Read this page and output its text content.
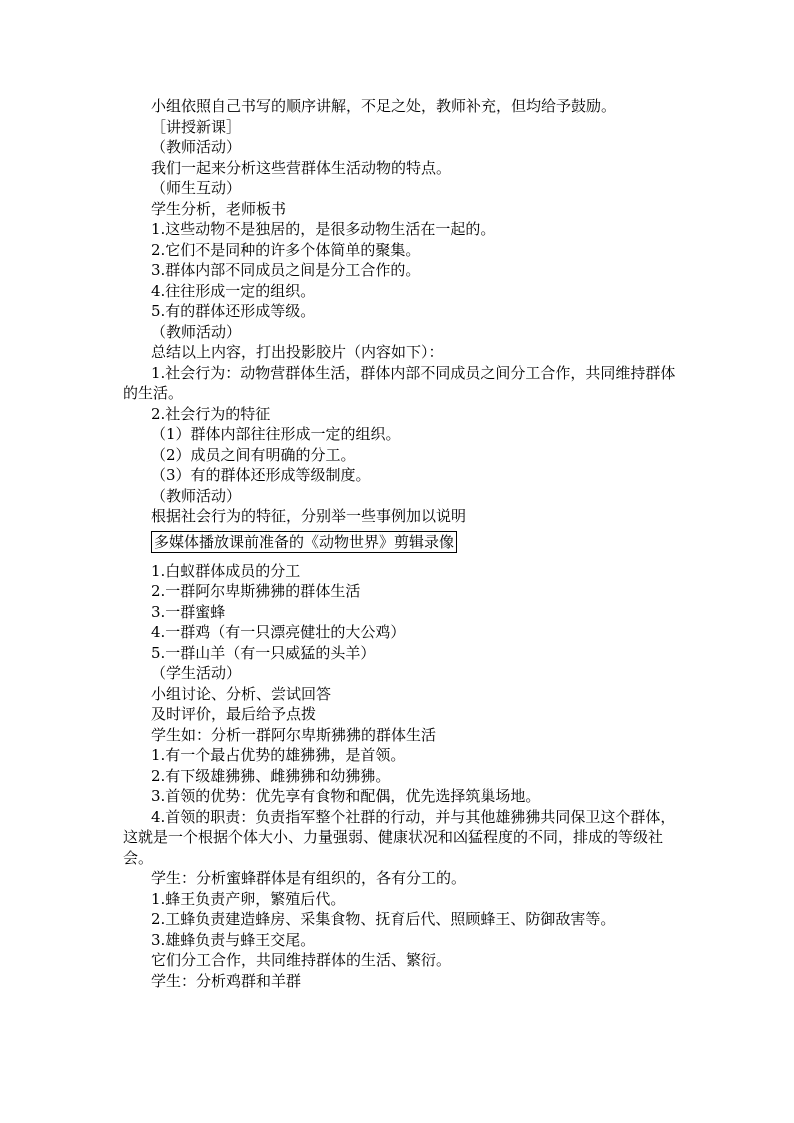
小组依照自己书写的顺序讲解，不足之处，教师补充，但均给予鼓励。
［讲授新课］
（教师活动）
我们一起来分析这些营群体生活动物的特点。
（师生互动）
学生分析，老师板书
1.这些动物不是独居的，是很多动物生活在一起的。
2.它们不是同种的许多个体简单的聚集。
3.群体内部不同成员之间是分工合作的。
4.往往形成一定的组织。
5.有的群体还形成等级。
（教师活动）
总结以上内容，打出投影胶片（内容如下）：
1.社会行为：动物营群体生活，群体内部不同成员之间分工合作，共同维持群体的生活。
2.社会行为的特征
（1）群体内部往往形成一定的组织。
（2）成员之间有明确的分工。
（3）有的群体还形成等级制度。
（教师活动）
根据社会行为的特征，分别举一些事例加以说明
多媒体播放课前准备的《动物世界》剪辑录像
1.白蚁群体成员的分工
2.一群阿尔卑斯狒狒的群体生活
3.一群蜜蜂
4.一群鸡（有一只漂亮健壮的大公鸡）
5.一群山羊（有一只威猛的头羊）
（学生活动）
小组讨论、分析、尝试回答
及时评价，最后给予点拨
学生如：分析一群阿尔卑斯狒狒的群体生活
1.有一个最占优势的雄狒狒，是首领。
2.有下级雄狒狒、雌狒狒和幼狒狒。
3.首领的优势：优先享有食物和配偶，优先选择筑巢场地。
4.首领的职责：负责指军整个社群的行动，并与其他雄狒狒共同保卫这个群体，这就是一个根据个体大小、力量强弱、健康状况和凶猛程度的不同，排成的等级社会。
学生：分析蜜蜂群体是有组织的，各有分工的。
1.蜂王负责产卵，繁殖后代。
2.工蜂负责建造蜂房、采集食物、抚育后代、照顾蜂王、防御敌害等。
3.雄蜂负责与蜂王交尾。
它们分工合作，共同维持群体的生活、繁衍。
学生：分析鸡群和羊群
